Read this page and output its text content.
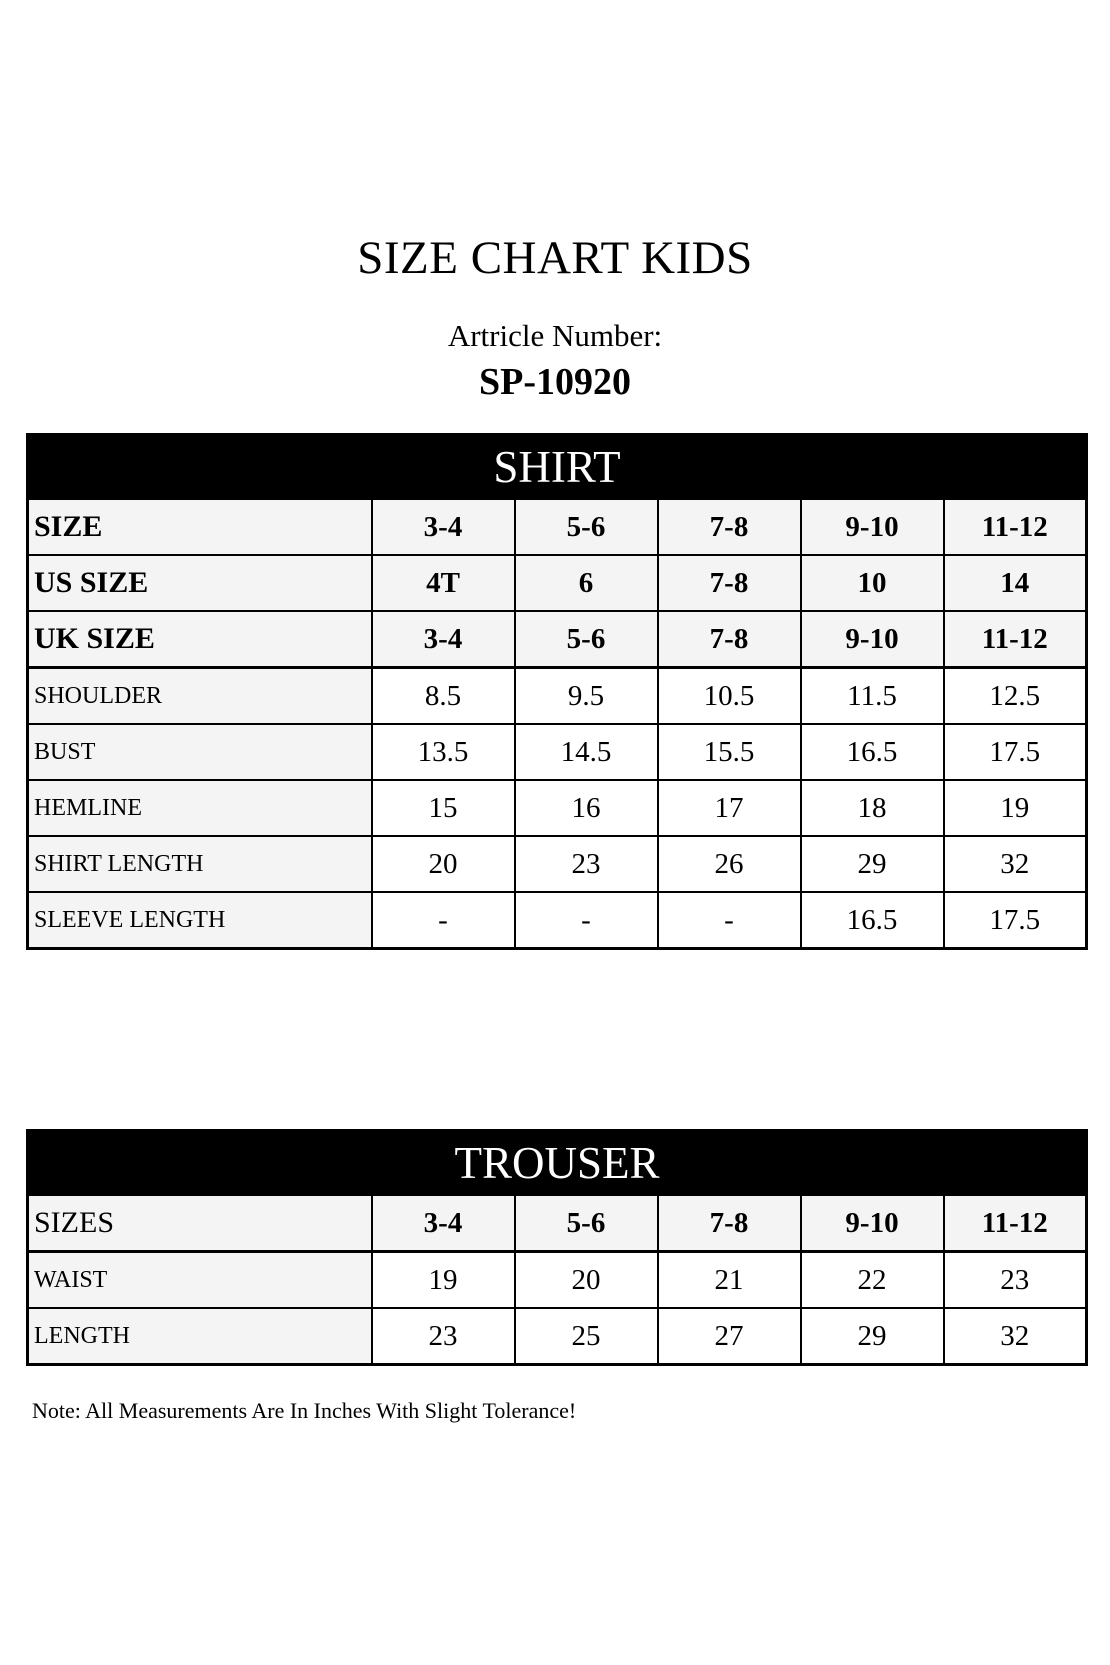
SIZE CHART KIDS
Artricle Number:
SP-10920
SHIRT					
SIZE	3-4	5-6	7-8	9-10	11-12
US SIZE	4T	6	7-8	10	14
UK SIZE	3-4	5-6	7-8	9-10	11-12
SHOULDER	8.5	9.5	10.5	11.5	12.5
BUST	13.5	14.5	15.5	16.5	17.5
HEMLINE	15	16	17	18	19
SHIRT LENGTH	20	23	26	29	32
SLEEVE LENGTH	-	-	-	16.5	17.5
TROUSER					
SIZES	3-4	5-6	7-8	9-10	11-12
WAIST	19	20	21	22	23
LENGTH	23	25	27	29	32
Note: All Measurements Are In Inches With Slight Tolerance!
